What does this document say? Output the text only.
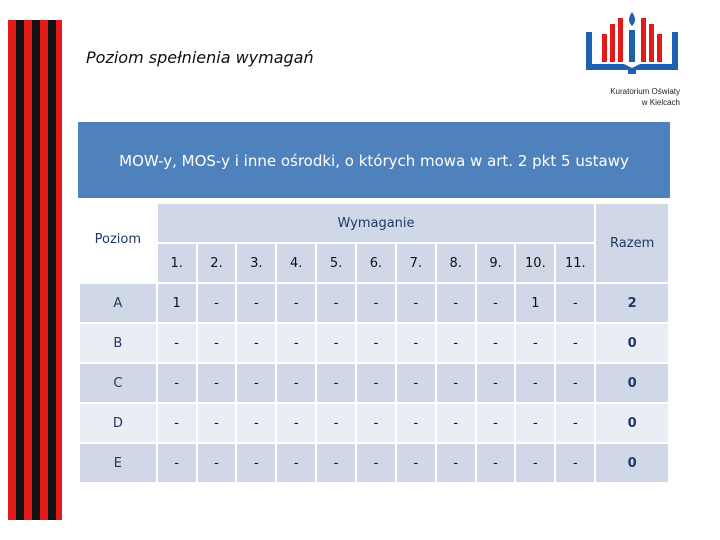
Poziom spełnienia wymagań
Kuratorium Oświaty
w Kielcach
MOW-y, MOS-y i inne ośrodki, o których mowa w art. 2 pkt 5 ustawy
Poziom	Wymaganie											Razem
	1.	2.	3.	4.	5.	6.	7.	8.	9.	10.	11.	
A	1	-	-	-	-	-	-	-	-	1	-	2
B	-	-	-	-	-	-	-	-	-	-	-	0
C	-	-	-	-	-	-	-	-	-	-	-	0
D	-	-	-	-	-	-	-	-	-	-	-	0
E	-	-	-	-	-	-	-	-	-	-	-	0
